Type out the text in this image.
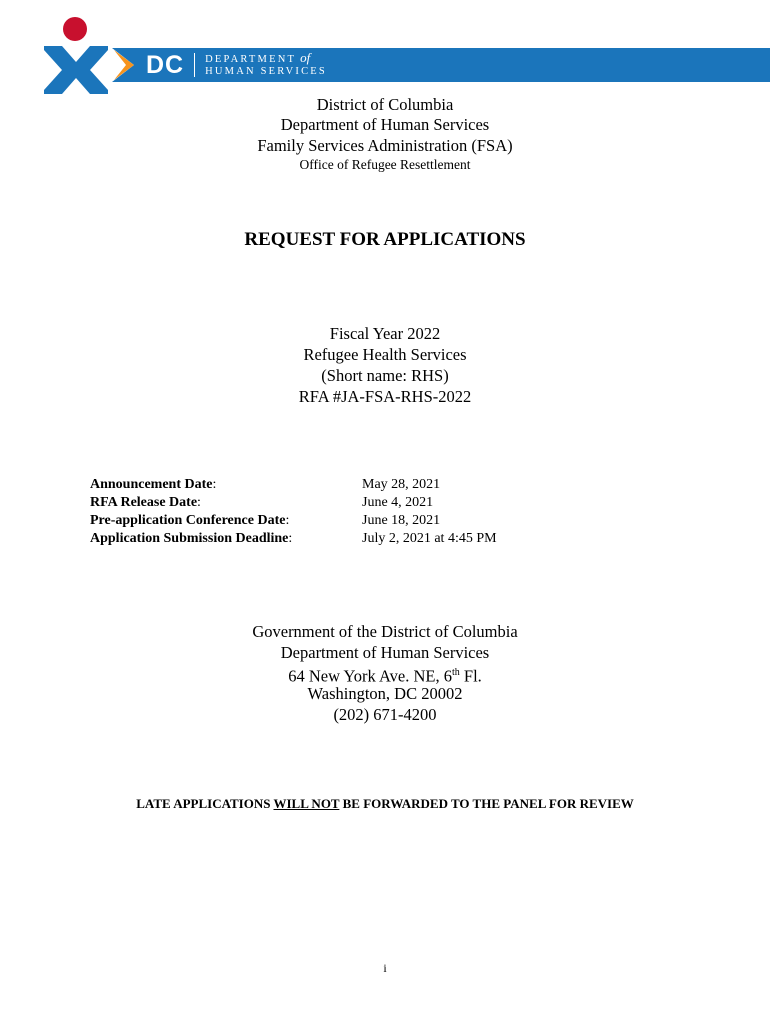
DC DEPARTMENT of
HUMAN SERVICES
District of Columbia
Department of Human Services
Family Services Administration (FSA)
Office of Refugee Resettlement
REQUEST FOR APPLICATIONS
Fiscal Year 2022
Refugee Health Services
(Short name: RHS)
RFA #JA-FSA-RHS-2022
Announcement Date:	May 28, 2021
RFA Release Date:	June 4, 2021
Pre-application Conference Date:	June 18, 2021
Application Submission Deadline:	July 2, 2021 at 4:45 PM
Government of the District of Columbia
Department of Human Services
64 New York Ave. NE, 6th Fl.
Washington, DC 20002
(202) 671-4200
LATE APPLICATIONS WILL NOT BE FORWARDED TO THE PANEL FOR REVIEW
i
